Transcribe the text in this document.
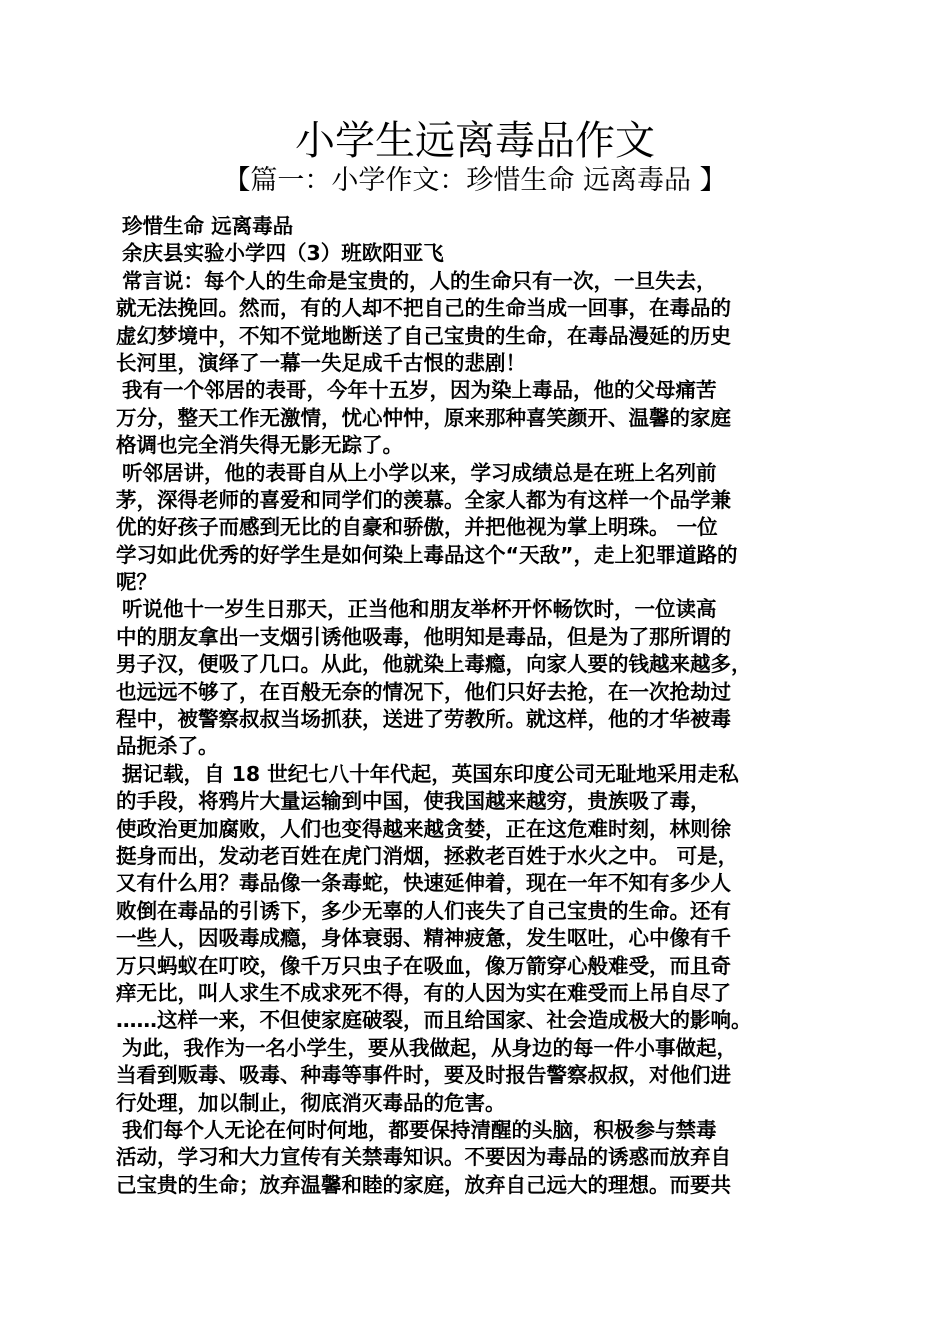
小学生远离毒品作文
【篇一：小学作文：珍惜生命 远离毒品 】
珍惜生命 远离毒品
余庆县实验小学四（3）班欧阳亚飞
常言说：每个人的生命是宝贵的，人的生命只有一次，一旦失去，
就无法挽回。然而，有的人却不把自己的生命当成一回事，在毒品的
虚幻梦境中，不知不觉地断送了自己宝贵的生命，在毒品漫延的历史
长河里，演绎了一幕一失足成千古恨的悲剧！
我有一个邻居的表哥，今年十五岁，因为染上毒品，他的父母痛苦
万分，整天工作无激情，忧心忡忡，原来那种喜笑颜开、温馨的家庭
格调也完全消失得无影无踪了。
听邻居讲，他的表哥自从上小学以来，学习成绩总是在班上名列前
茅，深得老师的喜爱和同学们的羡慕。全家人都为有这样一个品学兼
优的好孩子而感到无比的自豪和骄傲，并把他视为掌上明珠。 一位
学习如此优秀的好学生是如何染上毒品这个“天敌”，走上犯罪道路的
呢？
听说他十一岁生日那天，正当他和朋友举杯开怀畅饮时，一位读高
中的朋友拿出一支烟引诱他吸毒，他明知是毒品，但是为了那所谓的
男子汉，便吸了几口。从此，他就染上毒瘾，向家人要的钱越来越多，
也远远不够了，在百般无奈的情况下，他们只好去抢，在一次抢劫过
程中，被警察叔叔当场抓获，送进了劳教所。就这样，他的才华被毒
品扼杀了。
据记载，自 18 世纪七八十年代起，英国东印度公司无耻地采用走私
的手段，将鸦片大量运输到中国，使我国越来越穷，贵族吸了毒，
使政治更加腐败，人们也变得越来越贪婪，正在这危难时刻，林则徐
挺身而出，发动老百姓在虎门消烟，拯救老百姓于水火之中。 可是，
又有什么用？毒品像一条毒蛇，快速延伸着，现在一年不知有多少人
败倒在毒品的引诱下，多少无辜的人们丧失了自己宝贵的生命。还有
一些人，因吸毒成瘾，身体衰弱、精神疲惫，发生呕吐，心中像有千
万只蚂蚁在叮咬，像千万只虫子在吸血，像万箭穿心般难受，而且奇
痒无比，叫人求生不成求死不得，有的人因为实在难受而上吊自尽了
……这样一来，不但使家庭破裂，而且给国家、社会造成极大的影响。
为此，我作为一名小学生，要从我做起，从身边的每一件小事做起，
当看到贩毒、吸毒、种毒等事件时，要及时报告警察叔叔，对他们进
行处理，加以制止，彻底消灭毒品的危害。
我们每个人无论在何时何地，都要保持清醒的头脑，积极参与禁毒
活动，学习和大力宣传有关禁毒知识。不要因为毒品的诱惑而放弃自
己宝贵的生命；放弃温馨和睦的家庭，放弃自己远大的理想。而要共
